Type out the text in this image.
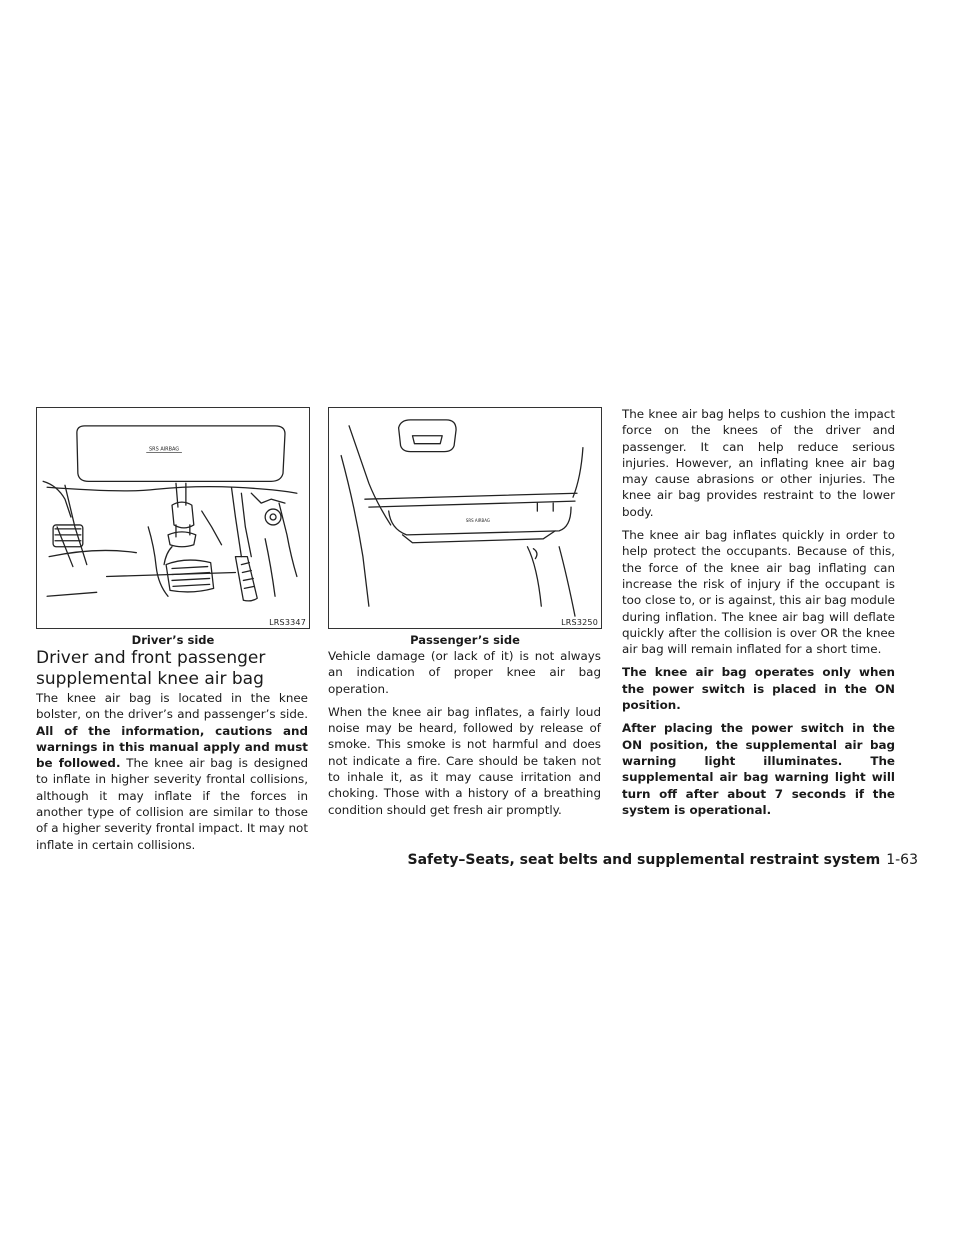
SRS AIRBAG
LRS3347
Driver’s side
SRS AIRBAG
LRS3250
Passenger’s side
Driver and front passenger supplemental knee air bag

The knee air bag is located in the knee bolster, on the driver’s and passenger’s side. All of the information, cautions and warnings in this manual apply and must be followed. The knee air bag is designed to inflate in higher severity frontal collisions, although it may inflate if the forces in another type of collision are similar to those of a higher severity frontal impact. It may not inflate in certain collisions.

Vehicle damage (or lack of it) is not always an indication of proper knee air bag operation.

When the knee air bag inflates, a fairly loud noise may be heard, followed by release of smoke. This smoke is not harmful and does not indicate a fire. Care should be taken not to inhale it, as it may cause irritation and choking. Those with a history of a breathing condition should get fresh air promptly.

The knee air bag helps to cushion the impact force on the knees of the driver and passenger. It can help reduce serious injuries. However, an inflating knee air bag may cause abrasions or other injuries. The knee air bag provides restraint to the lower body.

The knee air bag inflates quickly in order to help protect the occupants. Because of this, the force of the knee air bag inflating can increase the risk of injury if the occupant is too close to, or is against, this air bag module during inflation. The knee air bag will deflate quickly after the collision is over OR the knee air bag will remain inflated for a short time.

The knee air bag operates only when the power switch is placed in the ON position.

After placing the power switch in the ON position, the supplemental air bag warning light illuminates. The supplemental air bag warning light will turn off after about 7 seconds if the system is operational.

Safety–Seats, seat belts and supplemental restraint system 1-63
